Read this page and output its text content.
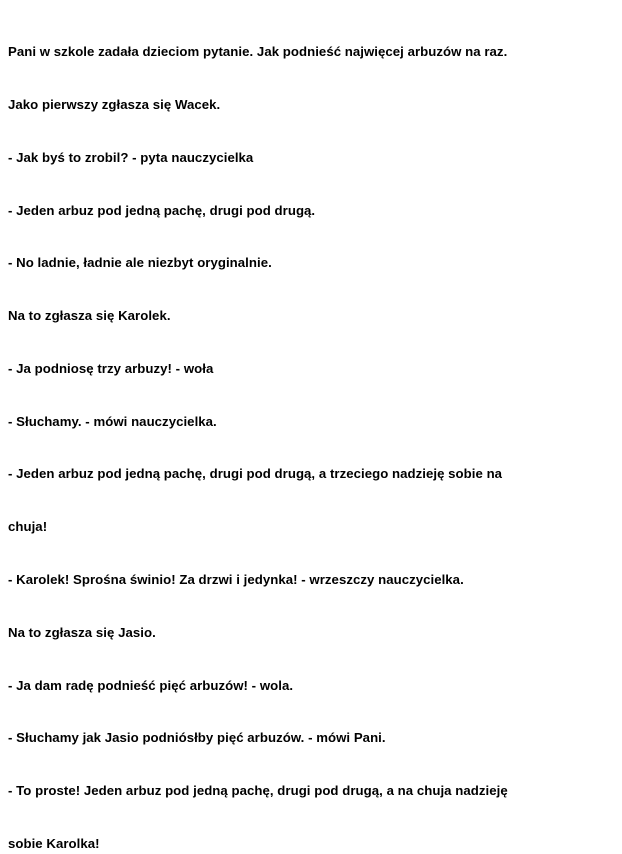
Pani w szkole zadała dzieciom pytanie. Jak podnieść najwięcej arbuzów na raz.

Jako pierwszy zgłasza się Wacek.

- Jak byś to zrobil? - pyta nauczycielka

- Jeden arbuz pod jedną pachę, drugi pod drugą.

- No ladnie, ładnie ale niezbyt oryginalnie.

Na to zgłasza się Karolek.

- Ja podniosę trzy arbuzy! - woła

- Słuchamy. - mówi nauczycielka.

- Jeden arbuz pod jedną pachę, drugi pod drugą, a trzeciego nadzieję sobie na

chuja!

- Karolek! Sprośna świnio! Za drzwi i jedynka! - wrzeszczy nauczycielka.

Na to zgłasza się Jasio.

- Ja dam radę podnieść pięć arbuzów! - wola.

- Słuchamy jak Jasio podniósłby pięć arbuzów. - mówi Pani.

- To proste! Jeden arbuz pod jedną pachę, drugi pod drugą, a na chuja nadzieję

sobie Karolka!
